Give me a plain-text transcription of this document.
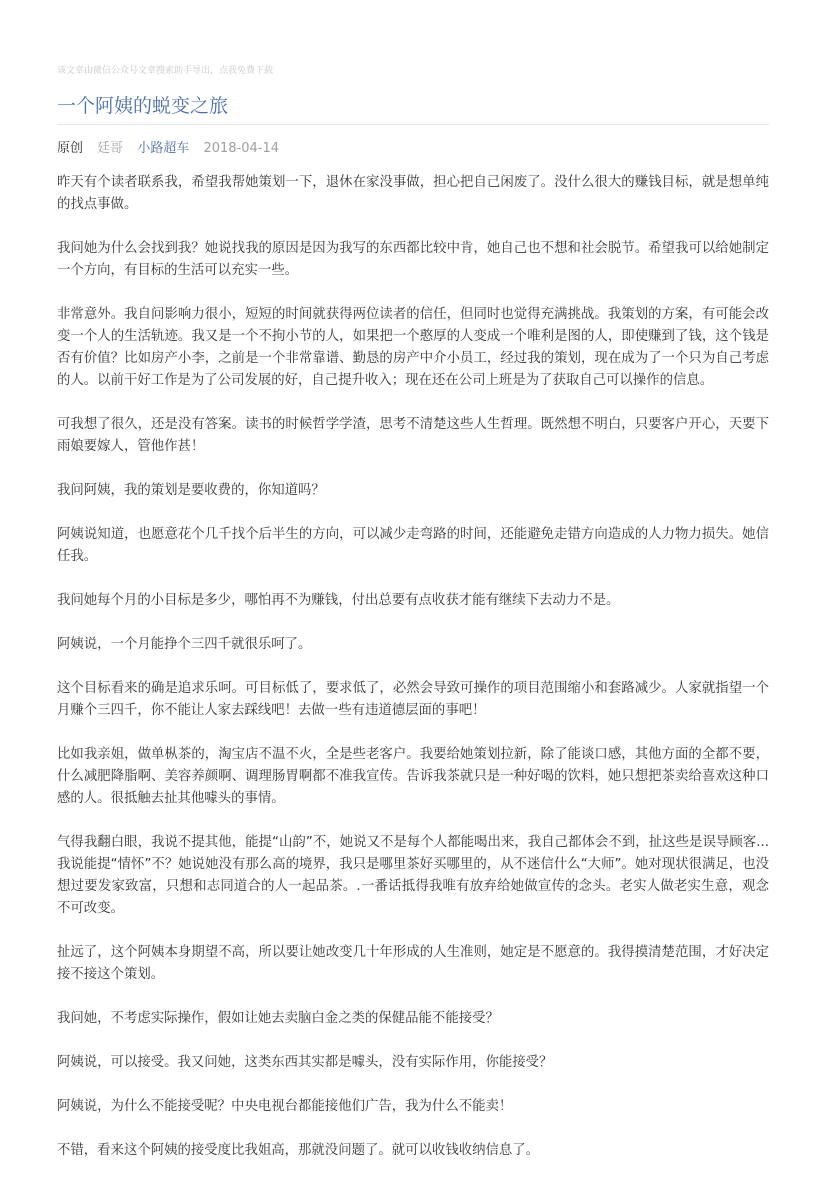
该文章由微信公众号文章搜索助手导出，点我免费下载
一个阿姨的蜕变之旅
原创 廷哥 小路超车 2018-04-14

昨天有个读者联系我，希望我帮她策划一下，退休在家没事做，担心把自己闲废了。没什么很大的赚钱目标，就是想单纯的找点事做。

我问她为什么会找到我？她说找我的原因是因为我写的东西都比较中肯，她自己也不想和社会脱节。希望我可以给她制定一个方向，有目标的生活可以充实一些。

非常意外。我自问影响力很小，短短的时间就获得两位读者的信任，但同时也觉得充满挑战。我策划的方案，有可能会改变一个人的生活轨迹。我又是一个不拘小节的人，如果把一个憨厚的人变成一个唯利是图的人，即使赚到了钱，这个钱是否有价值？比如房产小李，之前是一个非常靠谱、勤恳的房产中介小员工，经过我的策划，现在成为了一个只为自己考虑的人。以前干好工作是为了公司发展的好，自己提升收入；现在还在公司上班是为了获取自己可以操作的信息。

可我想了很久，还是没有答案。读书的时候哲学学渣，思考不清楚这些人生哲理。既然想不明白，只要客户开心，天要下雨娘要嫁人，管他作甚！

我问阿姨，我的策划是要收费的，你知道吗？

阿姨说知道，也愿意花个几千找个后半生的方向，可以减少走弯路的时间，还能避免走错方向造成的人力物力损失。她信任我。

我问她每个月的小目标是多少，哪怕再不为赚钱，付出总要有点收获才能有继续下去动力不是。

阿姨说，一个月能挣个三四千就很乐呵了。

这个目标看来的确是追求乐呵。可目标低了，要求低了，必然会导致可操作的项目范围缩小和套路减少。人家就指望一个月赚个三四千，你不能让人家去踩线吧！去做一些有违道德层面的事吧！

比如我亲姐，做单枞茶的，淘宝店不温不火，全是些老客户。我要给她策划拉新，除了能谈口感，其他方面的全都不要，什么减肥降脂啊、美容养颜啊、调理肠胃啊都不准我宣传。告诉我茶就只是一种好喝的饮料，她只想把茶卖给喜欢这种口感的人。很抵触去扯其他噱头的事情。

气得我翻白眼，我说不提其他，能提“山韵”不，她说又不是每个人都能喝出来，我自己都体会不到，扯这些是误导顾客...我说能提“情怀”不？她说她没有那么高的境界，我只是哪里茶好买哪里的，从不迷信什么“大师”。她对现状很满足，也没想过要发家致富，只想和志同道合的人一起品茶。.一番话抵得我唯有放弃给她做宣传的念头。老实人做老实生意，观念不可改变。

扯远了，这个阿姨本身期望不高，所以要让她改变几十年形成的人生准则，她定是不愿意的。我得摸清楚范围，才好决定接不接这个策划。

我问她，不考虑实际操作，假如让她去卖脑白金之类的保健品能不能接受？

阿姨说，可以接受。我又问她，这类东西其实都是噱头，没有实际作用，你能接受？

阿姨说，为什么不能接受呢？中央电视台都能接他们广告，我为什么不能卖！

不错，看来这个阿姨的接受度比我姐高，那就没问题了。就可以收钱收纳信息了。
